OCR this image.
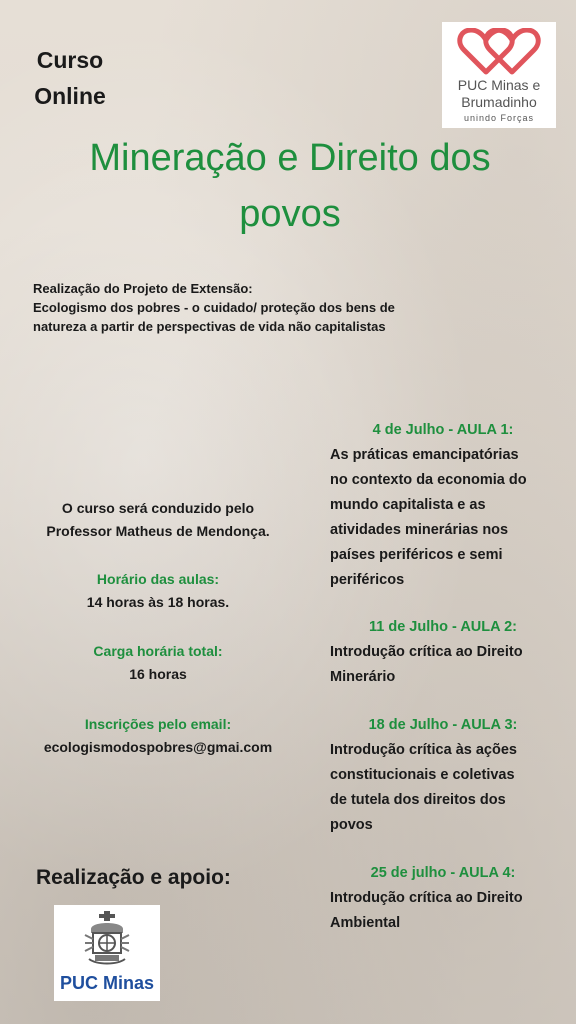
Curso
Online	PUC Minas e
Brumadinho
unindo Forças
Mineração e Direito dos
povos
Realização do Projeto de Extensão:
Ecologismo dos pobres - o cuidado/ proteção dos bens de
natureza a partir de perspectivas de vida não capitalistas
O curso será conduzido pelo
Professor Matheus de Mendonça.
Horário das aulas:
14 horas às 18 horas.
Carga horária total:
16 horas
Inscrições pelo email:
ecologismodospobres@gmai.com
4 de Julho - AULA 1:
As práticas emancipatórias
no contexto da economia do
mundo capitalista e as
atividades minerárias nos
países periféricos e semi
periféricos
11 de Julho - AULA 2:
Introdução crítica ao Direito
Minerário
18 de Julho - AULA 3:
Introdução crítica às ações
constitucionais e coletivas
de tutela dos direitos dos
povos
25 de julho - AULA 4:
Introdução crítica ao Direito
Ambiental
Realização e apoio:
PUC Minas
